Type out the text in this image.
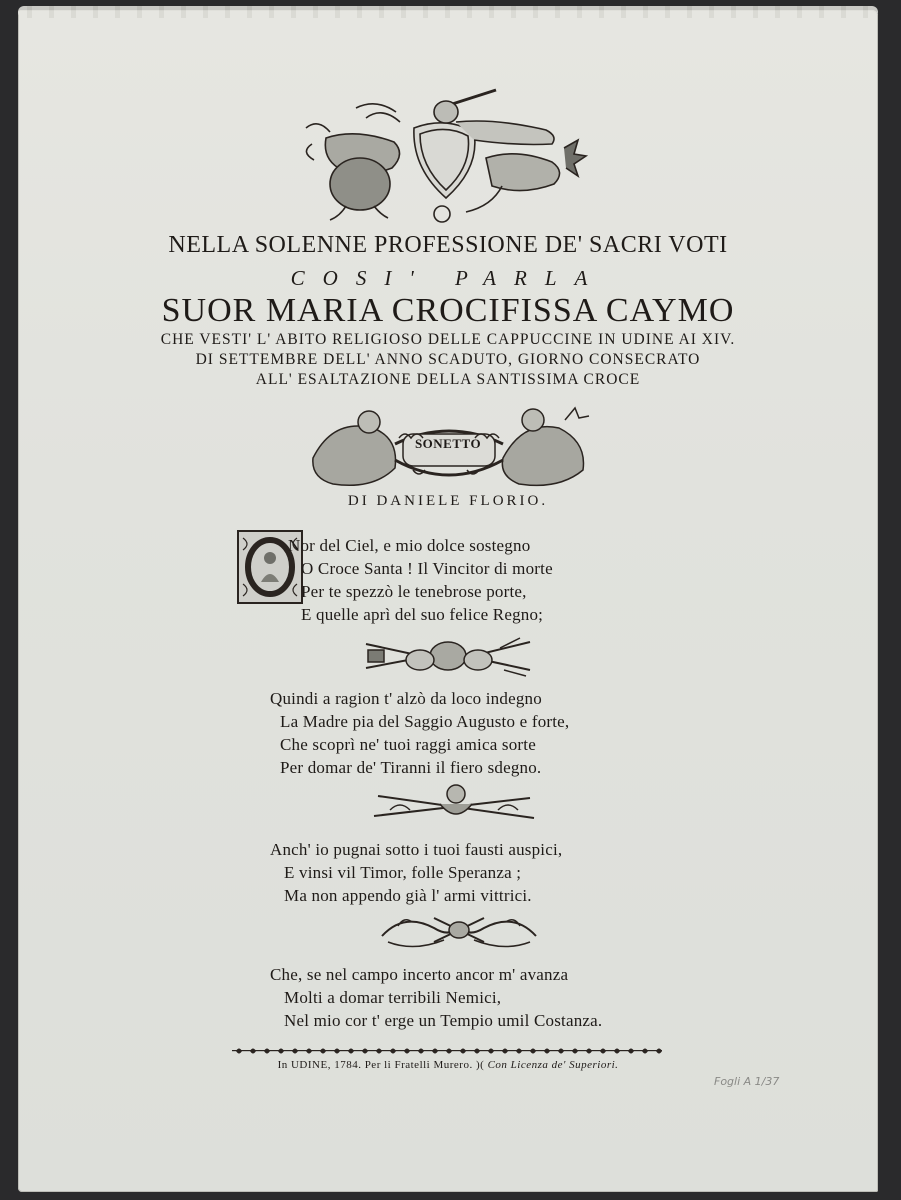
NELLA SOLENNE PROFESSIONE DE' SACRI VOTI
COSI' PARLA
SUOR MARIA CROCIFISSA CAYMO
CHE VESTI' L' ABITO RELIGIOSO DELLE CAPPUCCINE IN UDINE AI XIV.
DI SETTEMBRE DELL' ANNO SCADUTO, GIORNO CONSECRATO
ALL' ESALTAZIONE DELLA SANTISSIMA CROCE
SONETTO
DI DANIELE FLORIO.
Nor del Ciel, e mio dolce sostegno
O Croce Santa ! Il Vincitor di morte
Per te spezzò le tenebrose porte,
E quelle aprì del suo felice Regno;
Quindi a ragion t' alzò da loco indegno
La Madre pia del Saggio Augusto e forte,
Che scoprì ne' tuoi raggi amica sorte
Per domar de' Tiranni il fiero sdegno.
Anch' io pugnai sotto i tuoi fausti auspici,
E vinsi vil Timor, folle Speranza ;
Ma non appendo già l' armi vittrici.
Che, se nel campo incerto ancor m' avanza
Molti a domar terribili Nemici,
Nel mio cor t' erge un Tempio umil Costanza.
In UDINE, 1784. Per li Fratelli Murero. )( Con Licenza de' Superiori.
Fogli A 1/37
